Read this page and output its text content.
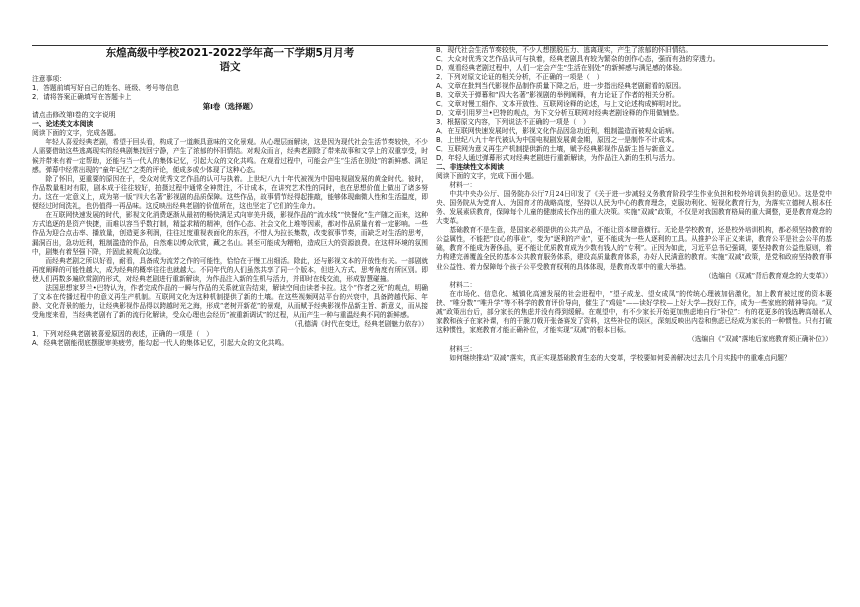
东煌高级中学校2021-2022学年高一下学期5月月考

语文

注意事项：

1．答题前填写好自己的姓名、班级、考号等信息

2．请将答案正确填写在答题卡上

第Ⅰ卷（选择题）

请点击修改第I卷的文字说明

一、论述类文本阅读

阅读下面的文字，完成各题。

年轻人喜爱经典老剧，希望于回头看，构成了一道颇具意味的文化景观。从心理层面解读，这是因为现代社会生活节奏较快，不少人需要借助这些逃离现实的经典剧集找回宁静，产生了浓郁的怀旧情结。对观众而言，经典老剧除了带来故事和文学上的双重享受，时候并带来有着一定帮助，还能与当一代人的集体记忆，引起大众的文化共鸣。在观看过程中，可能会产生“生活在别处”的新鲜感、满足感。弹幕中经常出现的“童年记忆”之类的评论，便成多或少体现了这种心态。

除了怀旧，更重要的原因在于，受众对优秀文艺作品的认可与执着。上世纪八九十年代被视为中国电视剧发展的黄金时代。彼时，作品数量相对有限，剧本成于往往较好，拍摄过程中通常全神贯注，不计成本，在讲究艺术性的同时，也在思想价值上做出了诸多努力。这在一定意义上，成为第一版“四大名著”影视剧的品质保障。这些作品，故事情节经得起推敲，能够体现幽微人性和生活温度，即便经过时间洗礼，也仍值得一再品味。这反映出经典老剧的价值所在，这也坚定了它们的生命力。

在互联网快速发展的时代，影视文化消费逐渐从最初的畅快满足式向审美升级，影视作品的“流水线”“快餐化”生产随之而来，这种方式追逐的是资产快捷，而难以容当乎数打制，精益求精的精神，创作心态、社会文化上堆等因素，都对作品质量有着一定影响。一些作品为迎合点击率、播放量，创造更多利润，往往过度重视表面化的东西，不惜人为拉长集数，改变叙事节奏，而缺乏对生活的思考，漏洞百出，急功近利，粗制滥造的作品，自然难以博众欣赏，藏之名山。甚至可能成为糟粕，造成巨大的资源浪费。在这样环境的氛围中，剧集有着坚强下降，并固此被观众边缘。

而经典老剧之所以好看，耐看，具备成为流芳之作的可能性，恰恰在于慢工出细活。除此，还与影视文本的开放性有关。一部剧就再度阐释的可能性越大，成为经典的概率往往也就越大。不同年代的人们虽然共享了同一个版本，但进入方式、思考角度有所区别。即使人们再数多遍欣赏剧的形式，对经典老剧进行重新解读，为作品注入新的生机与活力，并即时在线交流，形成智慧碰撞。

法国思想家罗兰•巴特认为，作者完成作品的一瞬与作品的关系就宣告结束，解读空间由读者卡拉。这个“作者之死”的观点，明确了文本在传播过程中的意义再生产机制。互联网文化为这种机制提供了新的土壤。在这些视频网站平台的兴衰中，具备跨越代际、年龄、文化背景的能力，让经典影视作品得以跨越时光之海，形成“老树开新花”的景观，从而赋予经典影视作品新主旨、新意义，而从接受角度来看，当经典老剧有了新的流行化解读，受众心理也会经历“被重新调试”的过程，从而产生一种与重温经典不同的新鲜感。

（孔德满《时代在变迁，经典老剧魅力依存》）

1．下列对经典老剧被喜爱原因的表述，正确的一项是（　）

A．经典老剧能彻底摆脱审美疲劳，能勾起一代人的集体记忆，引起大众的文化共鸣。

B．现代社会生活节奏较快，不少人想摆脱压力、逃离现实，产生了浓郁的怀旧情结。

C．大众对优秀文艺作品认可与执着，经典老剧具有较为繁杂的创作心态，强而有劲的穿透力。

D．观看经典老剧过程中，人们一定会产生“生活在别处”的新鲜感与满足感的体验。

2．下列对原文论证的相关分析，不正确的一项是（　）

A．文章在批判当代影视作品制作质量下降之后，进一步指出经典老剧耐看的原因。

B．文章关于弹幕和“四大名著”影视剧的举例阐释，有力论证了作者的相关分析。

C．文章对慢工细作、文本开放性、互联网诠释的论述，与上文论述构成鲜明对比。

D．文章引用罗兰•巴特的观点，为下文分析互联网对经典老剧诠释的作用做铺垫。

3．根据原文内容，下列说法不正确的一项是（　）

A．在互联网快速发展时代，影视文化作品因急功近利，粗制滥造而被观众诟病。

B．上世纪八九十年代被认为中国电视剧发展黄金期，原因之一是制作不计成本。

C．互联网为意义再生产机制提供新的土壤，赋予经典影视作品新主旨与新意义。

D．年轻人通过弹幕形式对经典老剧进行重新解读，为作品注入新的生机与活力。

二、非连续性文本阅读

阅读下面的文字，完成下面小题。

材料一：

中共中央办公厅、国务院办公厅7月24日印发了《关于进一步减轻义务教育阶段学生作业负担和校外培训负担的意见》。这是党中央、国务院从为党育人、为国育才的战略高度，坚持以人民为中心的教育理念，克服功利化、短视化教育行为，为落实立德树人根本任务、发展素质教育，保障每个儿童的健康成长作出的重大决策。实施“双减”政策，不仅是对我国教育格局的重大调整，更是教育观念的大变革。

基础教育不是生意，是国家必须提供的公共产品，不能让资本肆意横行。无论是学校教育，还是校外培训机构，都必须坚持教育的公益属性，不能把“良心的事业”，变为“逐利的产业”，更不能成为一些人逐利的工具。从推护公平正义来讲，教育公平是社会公平的基础，教育不能成为奢侈品，更不能让优质教育成为少数有钱人的“专利”。正因为如此，习近平总书记强调，要坚持教育公益性原则，着力构建完善覆盖全民的基本公共教育服务体系，建设高质量教育体系，办好人民满意的教育。实施“双减”政策，是党和政府坚持教育事业公益性、着力保障每个孩子公平受教育权利的具体体现，是教育改革中的重大举措。

（选编自《双减”背后教育观念的大变革》）

材料二：

在市场化、信息化、城镇化高速发展的社会进程中，“望子成龙、望女成凤”的传统心理被加倍激化，加上教育被过度的资本裹挟、“唯分数”“唯升学”等不科学的教育评价导向，催生了“鸡娃”——读好学校—上好大学—找好工作，成为一些家庭的精神导向。“双减”政策出台后，部分家长的焦虑并没有得到缓解。在观望中，有不少家长开始更加焦虑地自行“补位”：有的花更多的钱选聘高端私人家教和孩子在家补课，有的干脆刀戟开张备赛发了资料，这些补位的误区，深刻反映出内卷和焦虑已经成为家长的一种惯性。只有打破这种惯性，家庭教育才能正确补位，才能实现“双减”的根本目标。

（选编自《“双减”落地后家庭教育须正确补位》）

材料三：

如何继续推动“双减”落实，真正实现基础教育生态的大变革，学校要如何妥善解决过去几个月实践中的重难点问题？
